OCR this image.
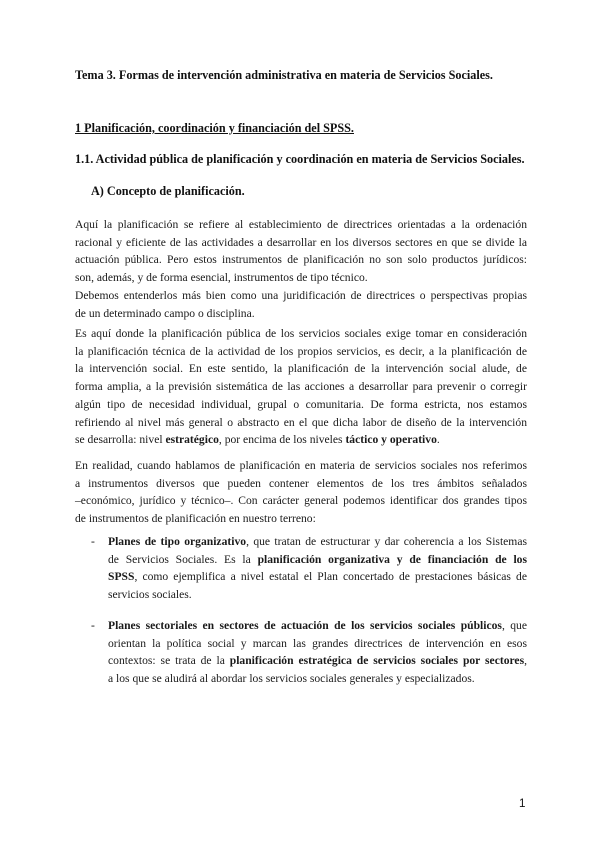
Tema 3. Formas de intervención administrativa en materia de Servicios Sociales.
1 Planificación, coordinación y financiación del SPSS.
1.1. Actividad pública de planificación y coordinación en materia de Servicios Sociales.
A) Concepto de planificación.
Aquí la planificación se refiere al establecimiento de directrices orientadas a la ordenación
racional y eficiente de las actividades a desarrollar en los diversos sectores en que se divide la
actuación pública. Pero estos instrumentos de planificación no son solo productos jurídicos:
son, además, y de forma esencial, instrumentos de tipo técnico.
Debemos entenderlos más bien como una juridificación de directrices o perspectivas propias
de un determinado campo o disciplina.
Es aquí donde la planificación pública de los servicios sociales exige tomar en consideración
la planificación técnica de la actividad de los propios servicios, es decir, a la planificación de
la intervención social. En este sentido, la planificación de la intervención social alude, de
forma amplia, a la previsión sistemática de las acciones a desarrollar para prevenir o corregir
algún tipo de necesidad individual, grupal o comunitaria. De forma estricta, nos estamos
refiriendo al nivel más general o abstracto en el que dicha labor de diseño de la intervención
se desarrolla: nivel estratégico, por encima de los niveles táctico y operativo.
En realidad, cuando hablamos de planificación en materia de servicios sociales nos referimos
a instrumentos diversos que pueden contener elementos de los tres ámbitos señalados
–económico, jurídico y técnico–. Con carácter general podemos identificar dos grandes tipos
de instrumentos de planificación en nuestro terreno:
- Planes de tipo organizativo, que tratan de estructurar y dar coherencia a los Sistemas
de Servicios Sociales. Es la planificación organizativa y de financiación de los
SPSS, como ejemplifica a nivel estatal el Plan concertado de prestaciones básicas de
servicios sociales.
- Planes sectoriales en sectores de actuación de los servicios sociales públicos, que
orientan la política social y marcan las grandes directrices de intervención en esos
contextos: se trata de la planificación estratégica de servicios sociales por sectores,
a los que se aludirá al abordar los servicios sociales generales y especializados.
1
